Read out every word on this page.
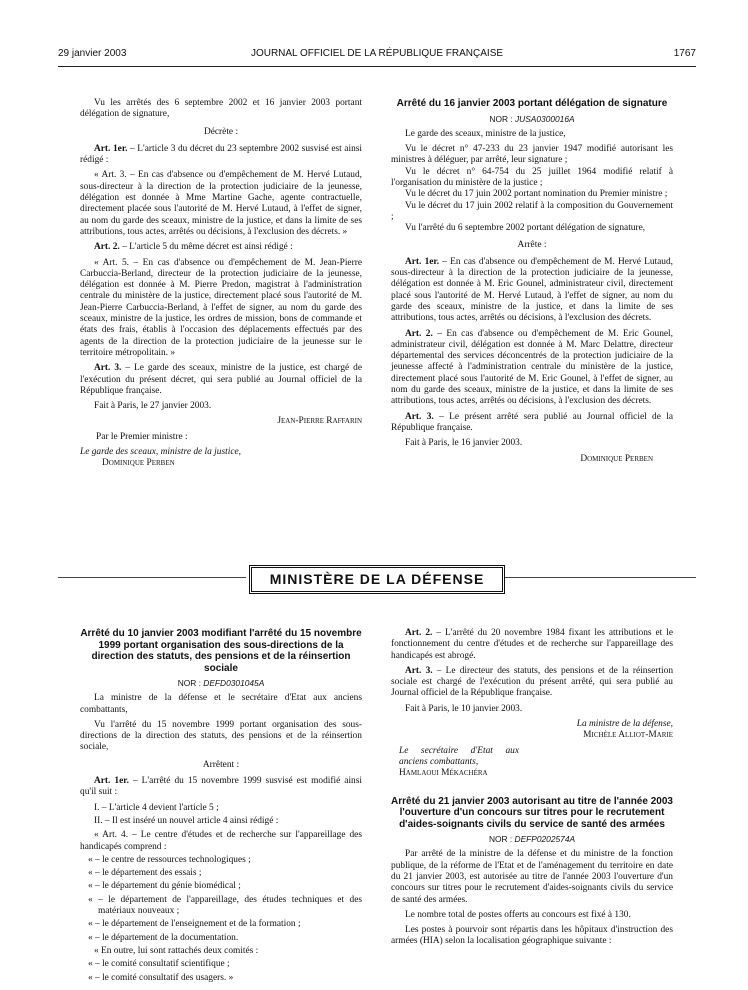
29 janvier 2003	JOURNAL OFFICIEL DE LA RÉPUBLIQUE FRANÇAISE	1767

Vu les arrêtés des 6 septembre 2002 et 16 janvier 2003 portant délégation de signature,

Décrète :

Art. 1er. – L'article 3 du décret du 23 septembre 2002 susvisé est ainsi rédigé :

« Art. 3. – En cas d'absence ou d'empêchement de M. Hervé Lutaud, sous-directeur à la direction de la protection judiciaire de la jeunesse, délégation est donnée à Mme Martine Gache, agente contractuelle, directement placée sous l'autorité de M. Hervé Lutaud, à l'effet de signer, au nom du garde des sceaux, ministre de la justice, et dans la limite de ses attributions, tous actes, arrêtés ou décisions, à l'exclusion des décrets. »

Art. 2. – L'article 5 du même décret est ainsi rédigé :

« Art. 5. – En cas d'absence ou d'empêchement de M. Jean-Pierre Carbuccia-Berland, directeur de la protection judiciaire de la jeunesse, délégation est donnée à M. Pierre Predon, magistrat à l'administration centrale du ministère de la justice, directement placé sous l'autorité de M. Jean-Pierre Carbuccia-Berland, à l'effet de signer, au nom du garde des sceaux, ministre de la justice, les ordres de mission, bons de commande et états des frais, établis à l'occasion des déplacements effectués par des agents de la direction de la protection judiciaire de la jeunesse sur le territoire métropolitain. »

Art. 3. – Le garde des sceaux, ministre de la justice, est chargé de l'exécution du présent décret, qui sera publié au Journal officiel de la République française.

Fait à Paris, le 27 janvier 2003.

Jean-Pierre Raffarin

Par le Premier ministre :

Le garde des sceaux, ministre de la justice,

Dominique Perben

Arrêté du 16 janvier 2003 portant délégation de signature

NOR : JUSA0300016A

Le garde des sceaux, ministre de la justice,

Vu le décret n° 47-233 du 23 janvier 1947 modifié autorisant les ministres à déléguer, par arrêté, leur signature ;

Vu le décret n° 64-754 du 25 juillet 1964 modifié relatif à l'organisation du ministère de la justice ;

Vu le décret du 17 juin 2002 portant nomination du Premier ministre ;

Vu le décret du 17 juin 2002 relatif à la composition du Gouvernement ;

Vu l'arrêté du 6 septembre 2002 portant délégation de signature,

Arrête :

Art. 1er. – En cas d'absence ou d'empêchement de M. Hervé Lutaud, sous-directeur à la direction de la protection judiciaire de la jeunesse, délégation est donnée à M. Eric Gounel, administrateur civil, directement placé sous l'autorité de M. Hervé Lutaud, à l'effet de signer, au nom du garde des sceaux, ministre de la justice, et dans la limite de ses attributions, tous actes, arrêtés ou décisions, à l'exclusion des décrets.

Art. 2. – En cas d'absence ou d'empêchement de M. Eric Gounel, administrateur civil, délégation est donnée à M. Marc Delattre, directeur départemental des services déconcentrés de la protection judiciaire de la jeunesse affecté à l'administration centrale du ministère de la justice, directement placé sous l'autorité de M. Eric Gounel, à l'effet de signer, au nom du garde des sceaux, ministre de la justice, et dans la limite de ses attributions, tous actes, arrêtés ou décisions, à l'exclusion des décrets.

Art. 3. – Le présent arrêté sera publié au Journal officiel de la République française.

Fait à Paris, le 16 janvier 2003.

Dominique Perben

MINISTÈRE DE LA DÉFENSE

Arrêté du 10 janvier 2003 modifiant l'arrêté du 15 novembre 1999 portant organisation des sous-directions de la direction des statuts, des pensions et de la réinsertion sociale

NOR : DEFD0301045A

La ministre de la défense et le secrétaire d'Etat aux anciens combattants,

Vu l'arrêté du 15 novembre 1999 portant organisation des sous-directions de la direction des statuts, des pensions et de la réinsertion sociale,

Arrêtent :

Art. 1er. – L'arrêté du 15 novembre 1999 susvisé est modifié ainsi qu'il suit :

I. – L'article 4 devient l'article 5 ;

II. – Il est inséré un nouvel article 4 ainsi rédigé :

« Art. 4. – Le centre d'études et de recherche sur l'appareillage des handicapés comprend :

« – le centre de ressources technologiques ;

« – le département des essais ;

« – le département du génie biomédical ;

« – le département de l'appareillage, des études techniques et des matériaux nouveaux ;

« – le département de l'enseignement et de la formation ;

« – le département de la documentation.

« En outre, lui sont rattachés deux comités :

« – le comité consultatif scientifique ;

« – le comité consultatif des usagers. »

Art. 2. – L'arrêté du 20 novembre 1984 fixant les attributions et le fonctionnement du centre d'études et de recherche sur l'appareillage des handicapés est abrogé.

Art. 3. – Le directeur des statuts, des pensions et de la réinsertion sociale est chargé de l'exécution du présent arrêté, qui sera publié au Journal officiel de la République française.

Fait à Paris, le 10 janvier 2003.

La ministre de la défense,

Michèle Alliot-Marie

Le secrétaire d'Etat aux anciens combattants,

Hamlaoui Mékachéra

Arrêté du 21 janvier 2003 autorisant au titre de l'année 2003 l'ouverture d'un concours sur titres pour le recrutement d'aides-soignants civils du service de santé des armées

NOR : DEFP0202574A

Par arrêté de la ministre de la défense et du ministre de la fonction publique, de la réforme de l'Etat et de l'aménagement du territoire en date du 21 janvier 2003, est autorisée au titre de l'année 2003 l'ouverture d'un concours sur titres pour le recrutement d'aides-soignants civils du service de santé des armées.

Le nombre total de postes offerts au concours est fixé à 130.

Les postes à pourvoir sont répartis dans les hôpitaux d'instruction des armées (HIA) selon la localisation géographique suivante :
